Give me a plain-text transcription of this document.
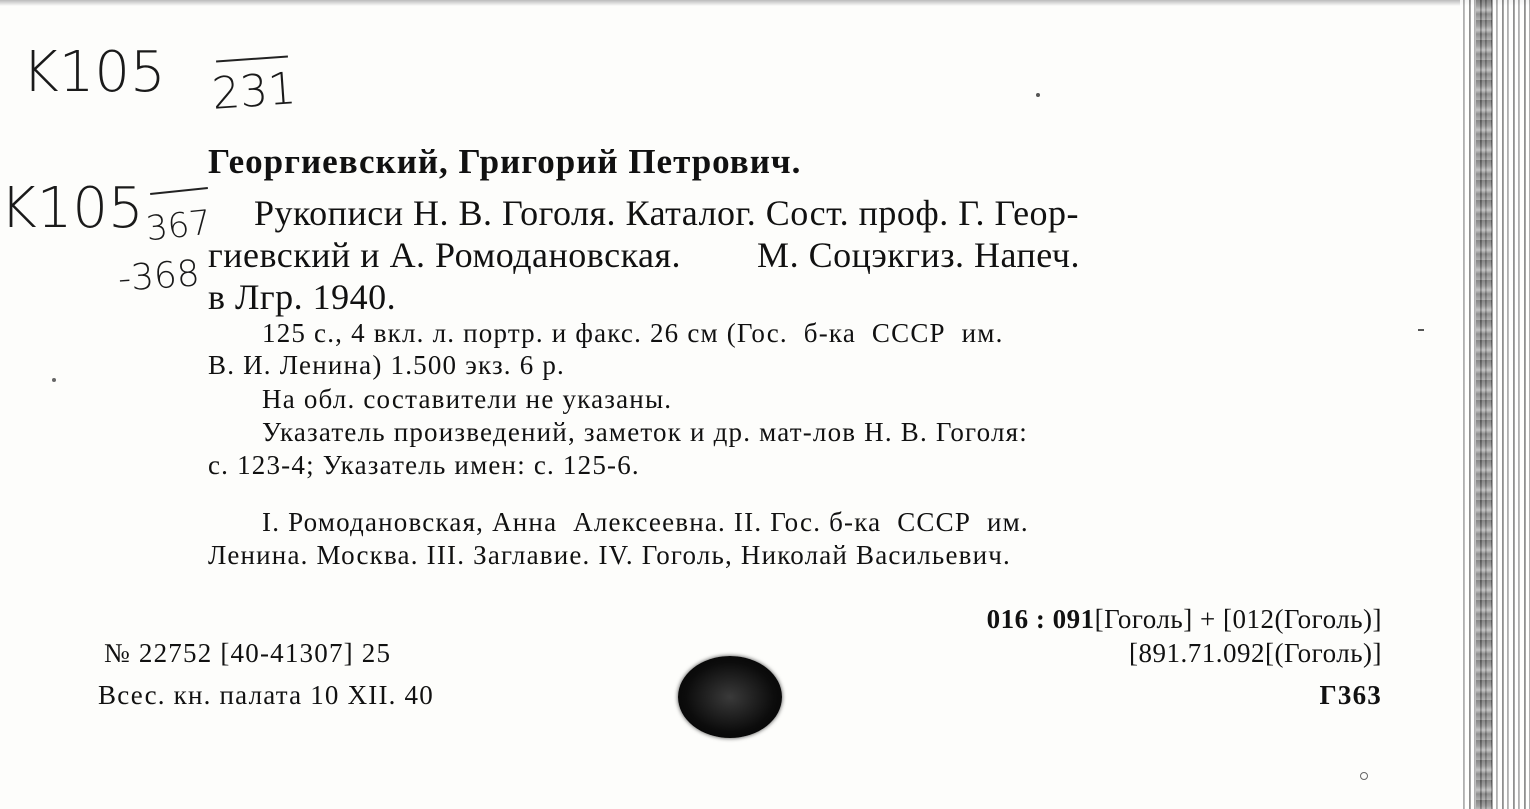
K105 231
K105 367
-368
Георгиевский, Григорий Петрович.
Рукописи Н. В. Гоголя. Каталог. Сост. проф. Г. Геор-
гиевский и А. Ромодановская.        М. Соцэкгиз. Напеч.
в Лгр. 1940.
125 с., 4 вкл. л. портр. и факс. 26 см (Гос.  б-ка  СССР  им.
В. И. Ленина) 1.500 экз. 6 р.
На обл. составители не указаны.
Указатель произведений, заметок и др. мат-лов Н. В. Гоголя:
с. 123-4; Указатель имен: с. 125-6.
I. Ромодановская, Анна  Алексеевна. II. Гос. б-ка  СССР  им.
Ленина. Москва. III. Заглавие. IV. Гоголь, Николай Васильевич.
№ 22752 [40-41307] 25
Всес. кн. палата 10 XII. 40
016 : 091[Гоголь] + [012(Гоголь)]
[891.71.092[(Гоголь)]
Г363
